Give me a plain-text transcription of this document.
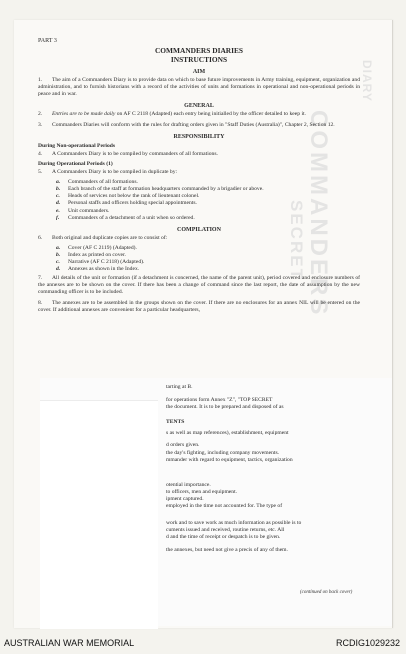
COMMANDERS
SECRET
DIARY
PART 3
COMMANDERS DIARIES
INSTRUCTIONS
AIM
1. The aim of a Commanders Diary is to provide data on which to base future improvements in Army training, equipment, organization and administration, and to furnish historians with a record of the activities of units and formations in operational and non-operational periods in peace and in war.
GENERAL
2. Entries are to be made daily on AF C 2118 (Adapted) each entry being initialled by the officer detailed to keep it.
3. Commanders Diaries will conform with the rules for drafting orders given in "Staff Duties (Australia)", Chapter 2, Section 12.
RESPONSIBILITY
During Non-operational Periods
4. A Commanders Diary is to be compiled by commanders of all formations.
During Operational Periods (1)
5. A Commanders Diary is to be compiled in duplicate by:
a.	Commanders of all formations.
b.	Each branch of the staff at formation headquarters commanded by a brigadier or above.
c.	Heads of services not below the rank of lieutenant colonel.
d.	Personal staffs and officers holding special appointments.
e.	Unit commanders.
f.	Commanders of a detachment of a unit when so ordered.
COMPILATION
6. Both original and duplicate copies are to consist of:
a.	Cover (AF C 2119) (Adapted).
b.	Index as printed on cover.
c.	Narrative (AF C 2118) (Adapted).
d.	Annexes as shown in the Index.
7. All details of the unit or formation (if a detachment is concerned, the name of the parent unit), period covered and enclosure numbers of the annexes are to be shown on the cover. If there has been a change of command since the last report, the date of assumption by the new commanding officer is to be included.
8. The annexes are to be assembled in the groups shown on the cover. If there are no enclosures for an annex NIL will be entered on the cover. If additional annexes are convenient for a particular headquarters,
tarting at B.
for operations form Annex "Z", "TOP SECRET
the document. It is to be prepared and disposed of as
TENTS
s as well as map references), establishment, equipment
d orders given.
the day's fighting, including company movements.
mmander with regard to equipment, tactics, organization
otential importance.
to officers, men and equipment.
ipment captured.
employed in the time not accounted for. The type of
work and to save work as much information as possible is to
cuments issued and received, routine returns, etc. All
d and the time of receipt or despatch is to be given.
the annexes, but need not give a precis of any of them.
(continued on back cover)
AUSTRALIAN WAR MEMORIAL	RCDIG1029232
